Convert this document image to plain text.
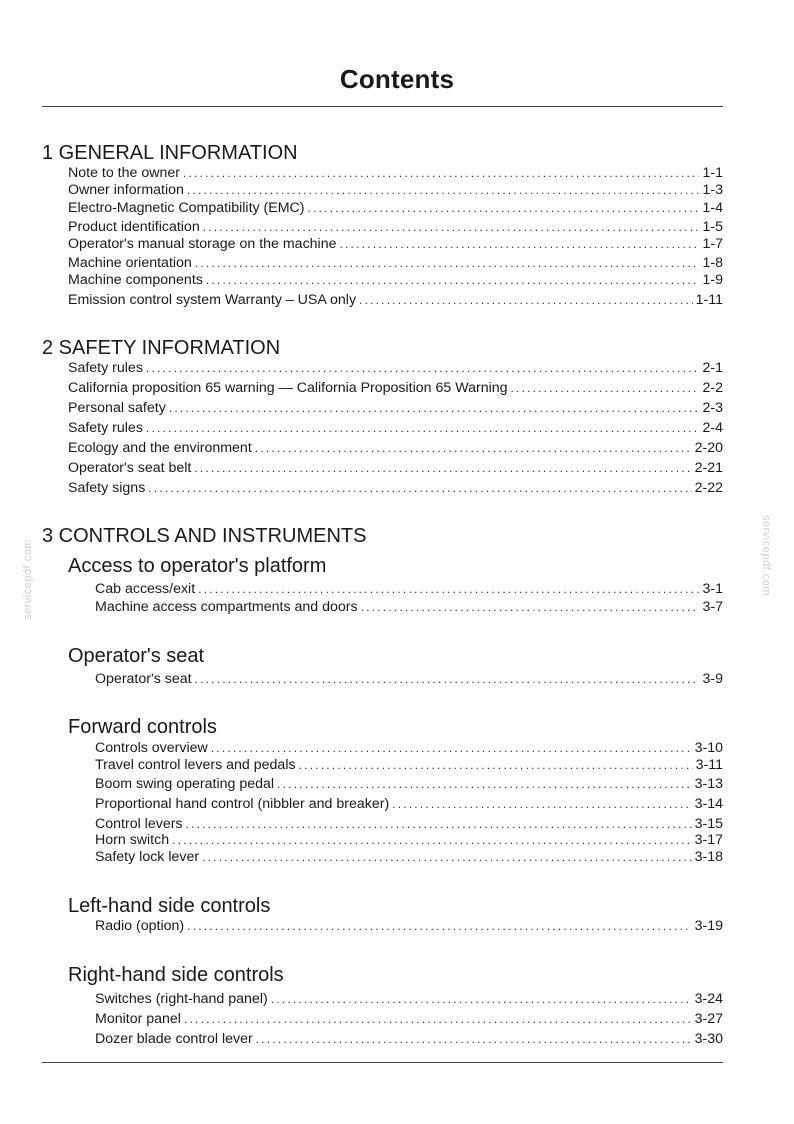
Contents
1 GENERAL INFORMATION
Note to the owner .....	1-1
Owner information .....	1-3
Electro-Magnetic Compatibility (EMC) .....	1-4
Product identification .....	1-5
Operator's manual storage on the machine .....	1-7
Machine orientation .....	1-8
Machine components .....	1-9
Emission control system Warranty – USA only .....	1-11
2 SAFETY INFORMATION
Safety rules .....	2-1
California proposition 65 warning — California Proposition 65 Warning .....	2-2
Personal safety .....	2-3
Safety rules .....	2-4
Ecology and the environment .....	2-20
Operator's seat belt .....	2-21
Safety signs .....	2-22
3 CONTROLS AND INSTRUMENTS
Access to operator's platform
Cab access/exit .....	3-1
Machine access compartments and doors .....	3-7
Operator's seat
Operator's seat .....	3-9
Forward controls
Controls overview .....	3-10
Travel control levers and pedals .....	3-11
Boom swing operating pedal .....	3-13
Proportional hand control (nibbler and breaker) .....	3-14
Control levers .....	3-15
Horn switch .....	3-17
Safety lock lever .....	3-18
Left-hand side controls
Radio (option) .....	3-19
Right-hand side controls
Switches (right-hand panel) .....	3-24
Monitor panel .....	3-27
Dozer blade control lever .....	3-30
servicepdf.com	servicepdf.com
